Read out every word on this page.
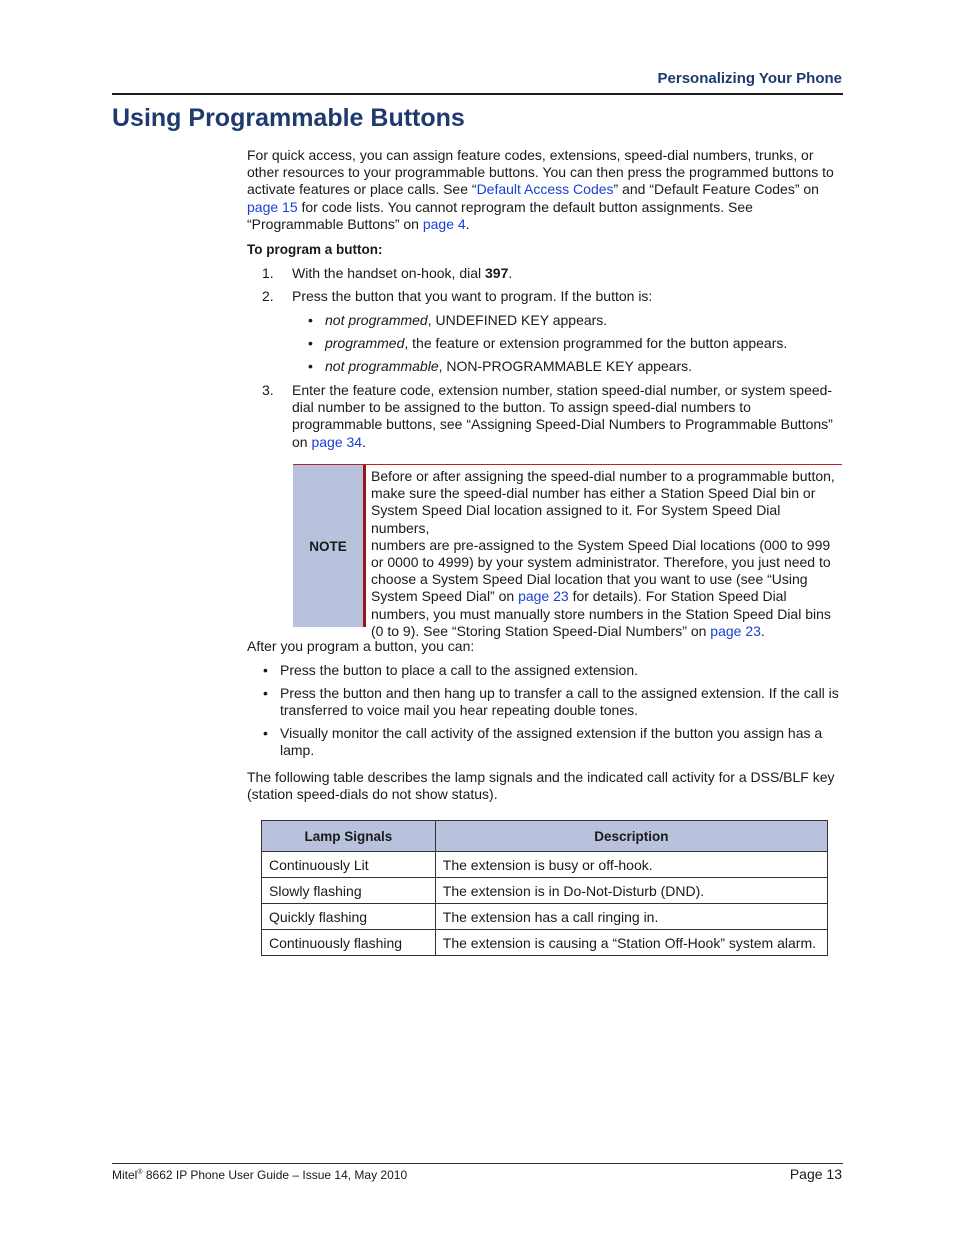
Personalizing Your Phone
Using Programmable Buttons
For quick access, you can assign feature codes, extensions, speed-dial numbers, trunks, or
other resources to your programmable buttons. You can then press the programmed buttons to
activate features or place calls. See “Default Access Codes” and “Default Feature Codes” on
page 15 for code lists. You cannot reprogram the default button assignments. See
“Programmable Buttons” on page 4.
To program a button:
1. With the handset on-hook, dial 397.
2. Press the button that you want to program. If the button is:
• not programmed, UNDEFINED KEY appears.
• programmed, the feature or extension programmed for the button appears.
• not programmable, NON-PROGRAMMABLE KEY appears.
3. Enter the feature code, extension number, station speed-dial number, or system speed-
dial number to be assigned to the button. To assign speed-dial numbers to
programmable buttons, see “Assigning Speed-Dial Numbers to Programmable Buttons”
on page 34.
NOTE
Before or after assigning the speed-dial number to a programmable button,
make sure the speed-dial number has either a Station Speed Dial bin or
System Speed Dial location assigned to it. For System Speed Dial numbers,
numbers are pre-assigned to the System Speed Dial locations (000 to 999
or 0000 to 4999) by your system administrator. Therefore, you just need to
choose a System Speed Dial location that you want to use (see “Using
System Speed Dial” on page 23 for details). For Station Speed Dial
numbers, you must manually store numbers in the Station Speed Dial bins
(0 to 9). See “Storing Station Speed-Dial Numbers” on page 23.
After you program a button, you can:
• Press the button to place a call to the assigned extension.
• Press the button and then hang up to transfer a call to the assigned extension. If the call is
transferred to voice mail you hear repeating double tones.
• Visually monitor the call activity of the assigned extension if the button you assign has a
lamp.
The following table describes the lamp signals and the indicated call activity for a DSS/BLF key
(station speed-dials do not show status).
Lamp Signals	Description
Continuously Lit	The extension is busy or off-hook.
Slowly flashing	The extension is in Do-Not-Disturb (DND).
Quickly flashing	The extension has a call ringing in.
Continuously flashing	The extension is causing a “Station Off-Hook” system alarm.
Mitel® 8662 IP Phone User Guide – Issue 14, May 2010	Page 13
